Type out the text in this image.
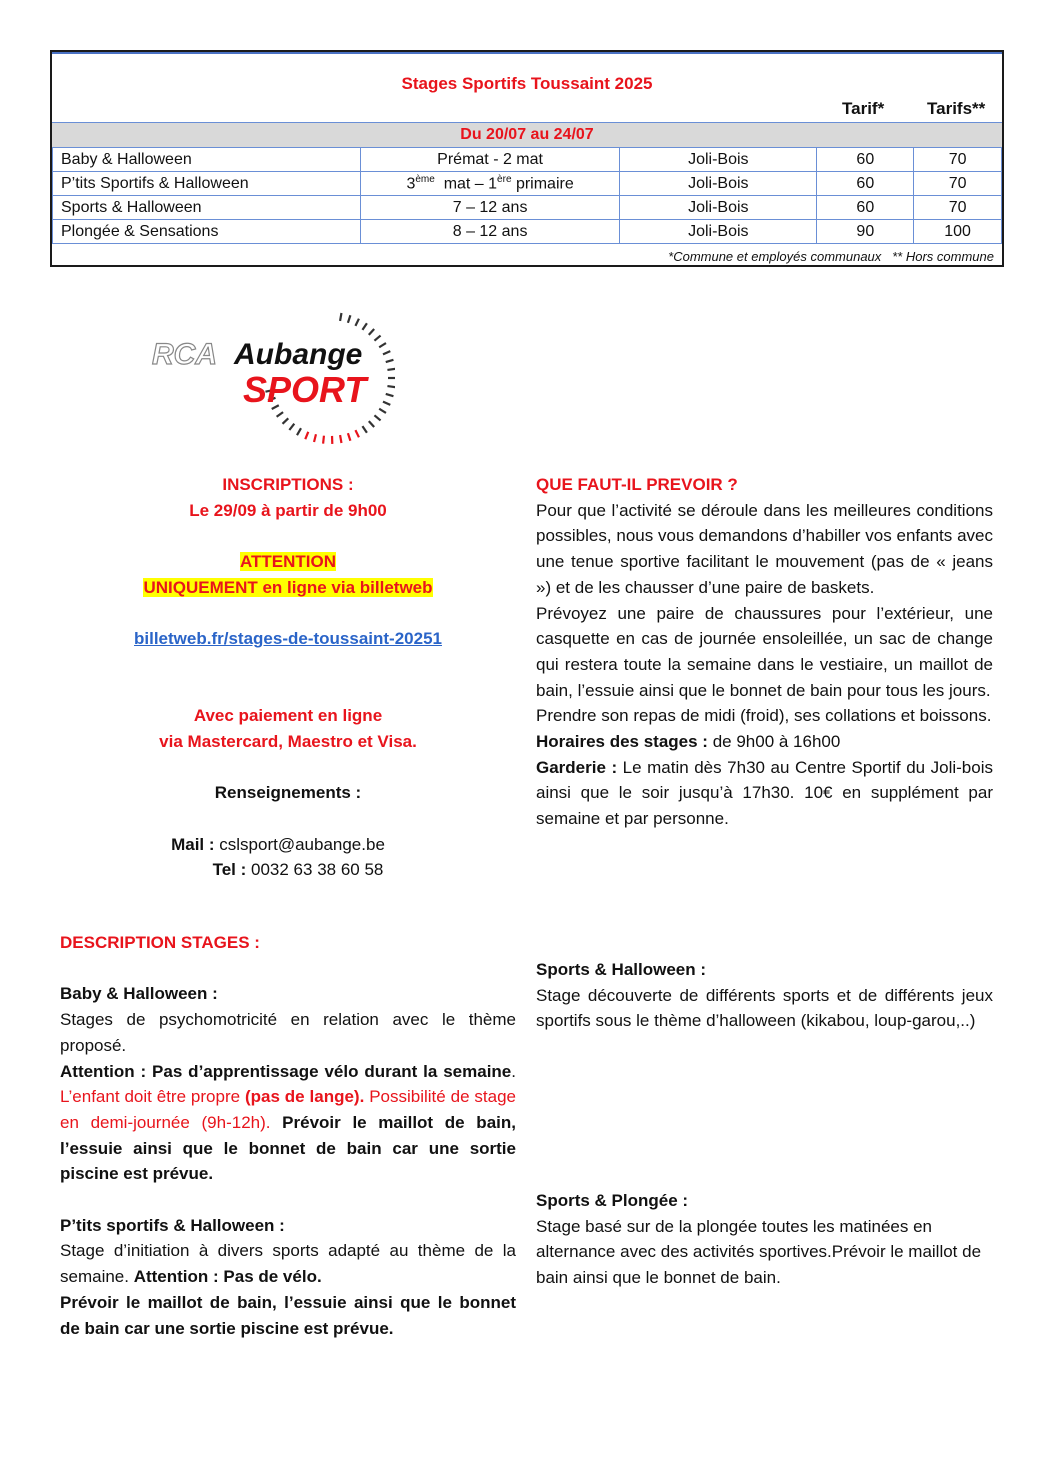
Stages Sportifs Toussaint 2025
Tarif*	Tarifs**
Du 20/07 au 24/07
Baby & Halloween	Prémat - 2 mat	Joli-Bois	60	70
P’tits Sportifs & Halloween	3ème  mat – 1ère primaire	Joli-Bois	60	70
Sports & Halloween	7 – 12 ans	Joli-Bois	60	70
Plongée & Sensations	8 – 12 ans	Joli-Bois	90	100
*Commune et employés communaux   ** Hors commune
RCA Aubange
SPORT
INSCRIPTIONS :
Le 29/09 à partir de 9h00
ATTENTION
UNIQUEMENT en ligne via billetweb
billetweb.fr/stages-de-toussaint-20251
Avec paiement en ligne
via Mastercard, Maestro et Visa.
Renseignements :
Mail : cslsport@aubange.be
Tel : 0032 63 38 60 58
DESCRIPTION STAGES :
Baby & Halloween :
Stages de psychomotricité en relation avec le thème proposé.
Attention : Pas d’apprentissage vélo durant la semaine. L’enfant doit être propre (pas de lange). Possibilité de stage en demi-journée (9h-12h). Prévoir le maillot de bain, l’essuie ainsi que le bonnet de bain car une sortie piscine est prévue.
P’tits sportifs & Halloween :
Stage d’initiation à divers sports adapté au thème de la semaine. Attention : Pas de vélo.
Prévoir le maillot de bain, l’essuie ainsi que le bonnet de bain car une sortie piscine est prévue.
QUE FAUT-IL PREVOIR ?
Pour que l’activité se déroule dans les meilleures conditions possibles, nous vous demandons d’habiller vos enfants avec une tenue sportive facilitant le mouvement (pas de « jeans ») et de les chausser d’une paire de baskets.
Prévoyez une paire de chaussures pour l’extérieur, une casquette en cas de journée ensoleillée, un sac de change qui restera toute la semaine dans le vestiaire, un maillot de bain, l’essuie ainsi que le bonnet de bain pour tous les jours.
Prendre son repas de midi (froid), ses collations et boissons.
Horaires des stages : de 9h00 à 16h00
Garderie : Le matin dès 7h30 au Centre Sportif du Joli-bois ainsi que le soir jusqu’à 17h30. 10€ en supplément par semaine et par personne.
Sports & Halloween :
Stage découverte de différents sports et de différents jeux sportifs sous le thème d’halloween (kikabou, loup-garou,..)
Sports & Plongée :
Stage basé sur de la plongée toutes les matinées en alternance avec des activités sportives.Prévoir le maillot de bain ainsi que le bonnet de bain.
